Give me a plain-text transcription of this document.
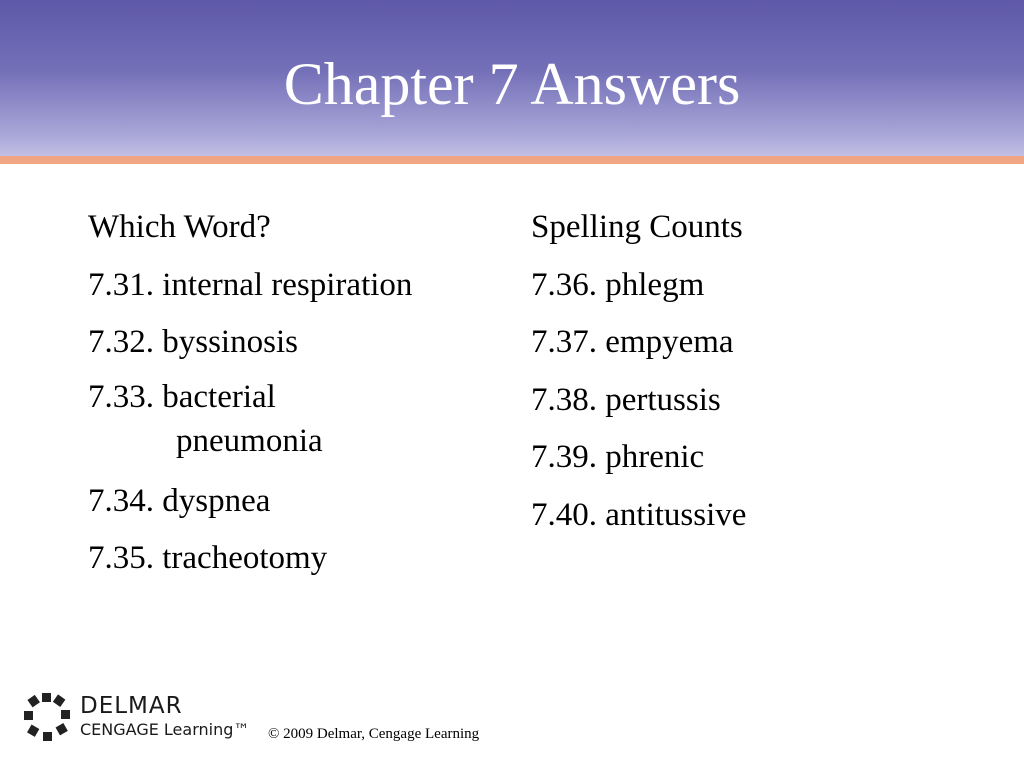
Chapter 7 Answers
Which Word?
7.31. internal respiration
7.32. byssinosis
7.33. bacterial
pneumonia
7.34. dyspnea
7.35. tracheotomy
Spelling Counts
7.36. phlegm
7.37. empyema
7.38. pertussis
7.39. phrenic
7.40. antitussive
DELMAR
CENGAGE Learning™ © 2009 Delmar, Cengage Learning
